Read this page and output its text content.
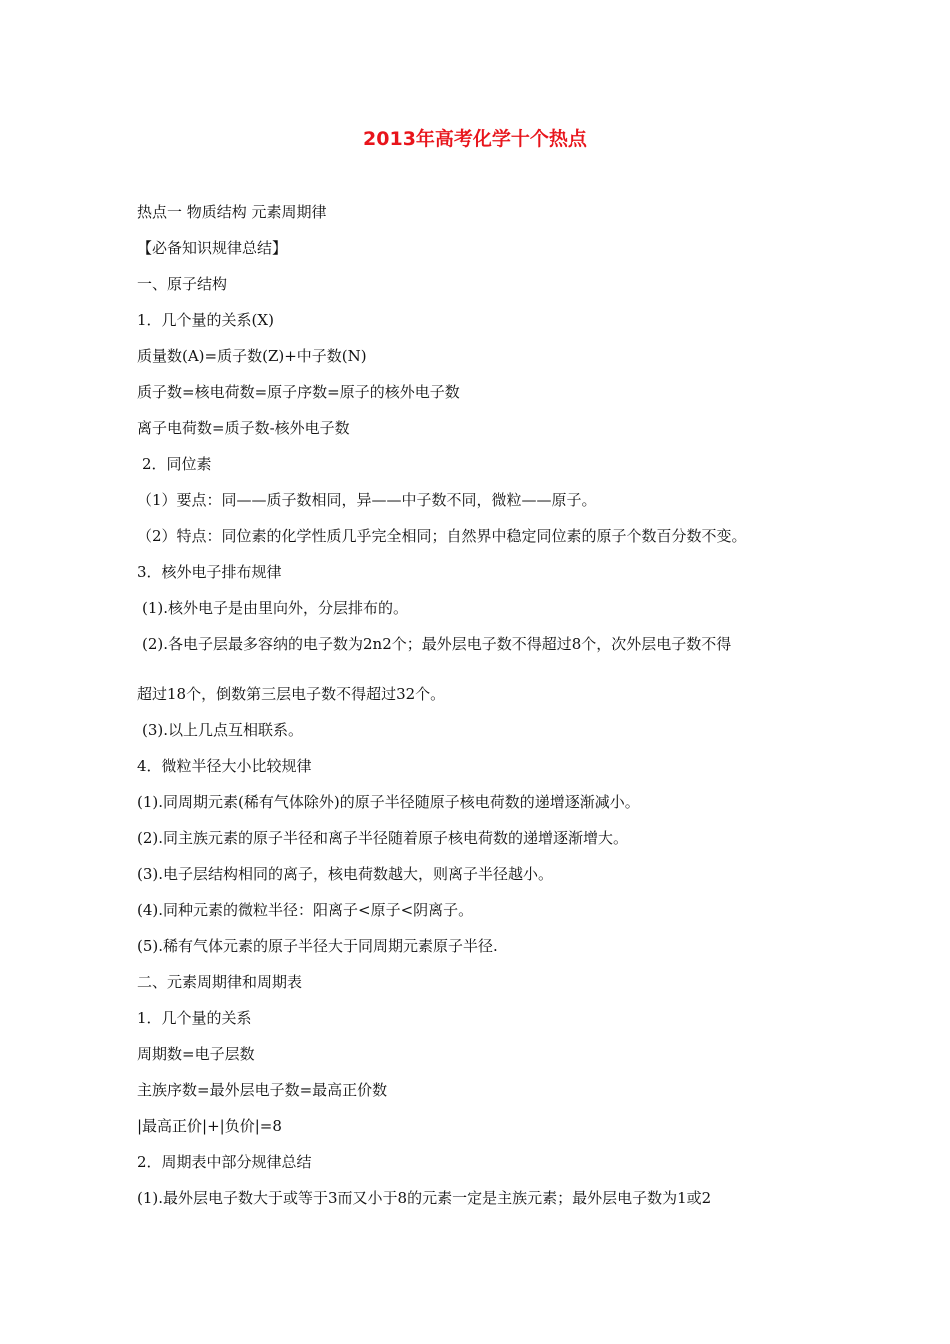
2013年高考化学十个热点
热点一 物质结构 元素周期律
【必备知识规律总结】
一、原子结构
1．几个量的关系(X)
质量数(A)=质子数(Z)+中子数(N)
质子数=核电荷数=原子序数=原子的核外电子数
离子电荷数=质子数-核外电子数
2．同位素
（1）要点：同——质子数相同，异——中子数不同，微粒——原子。
（2）特点：同位素的化学性质几乎完全相同；自然界中稳定同位素的原子个数百分数不变。
3．核外电子排布规律
(1).核外电子是由里向外，分层排布的。
(2).各电子层最多容纳的电子数为2n2个；最外层电子数不得超过8个，次外层电子数不得
超过18个，倒数第三层电子数不得超过32个。
(3).以上几点互相联系。
4．微粒半径大小比较规律
(1).同周期元素(稀有气体除外)的原子半径随原子核电荷数的递增逐渐减小。
(2).同主族元素的原子半径和离子半径随着原子核电荷数的递增逐渐增大。
(3).电子层结构相同的离子，核电荷数越大，则离子半径越小。
(4).同种元素的微粒半径：阳离子<原子<阴离子。
(5).稀有气体元素的原子半径大于同周期元素原子半径.
二、元素周期律和周期表
1．几个量的关系
周期数=电子层数
主族序数=最外层电子数=最高正价数
|最高正价|+|负价|=8
2．周期表中部分规律总结
(1).最外层电子数大于或等于3而又小于8的元素一定是主族元素；最外层电子数为1或2
